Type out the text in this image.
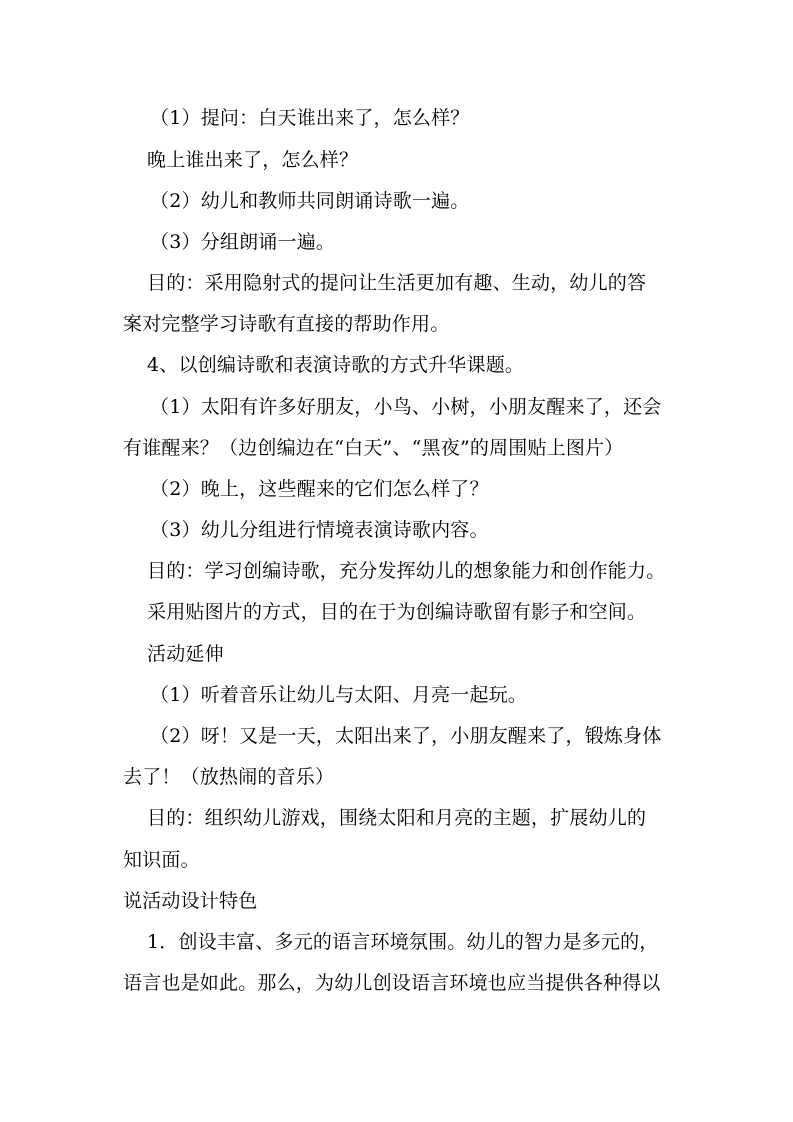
（1）提问：白天谁出来了，怎么样？
晚上谁出来了，怎么样？
（2）幼儿和教师共同朗诵诗歌一遍。
（3）分组朗诵一遍。
目的：采用隐射式的提问让生活更加有趣、生动，幼儿的答
案对完整学习诗歌有直接的帮助作用。
4、以创编诗歌和表演诗歌的方式升华课题。
（1）太阳有许多好朋友，小鸟、小树，小朋友醒来了，还会
有谁醒来？（边创编边在“白天”、“黑夜”的周围贴上图片）
（2）晚上，这些醒来的它们怎么样了？
（3）幼儿分组进行情境表演诗歌内容。
目的：学习创编诗歌，充分发挥幼儿的想象能力和创作能力。
采用贴图片的方式，目的在于为创编诗歌留有影子和空间。
活动延伸
（1）听着音乐让幼儿与太阳、月亮一起玩。
（2）呀！又是一天，太阳出来了，小朋友醒来了，锻炼身体
去了！（放热闹的音乐）
目的：组织幼儿游戏，围绕太阳和月亮的主题，扩展幼儿的
知识面。
说活动设计特色
1．创设丰富、多元的语言环境氛围。幼儿的智力是多元的，
语言也是如此。那么，为幼儿创设语言环境也应当提供各种得以
